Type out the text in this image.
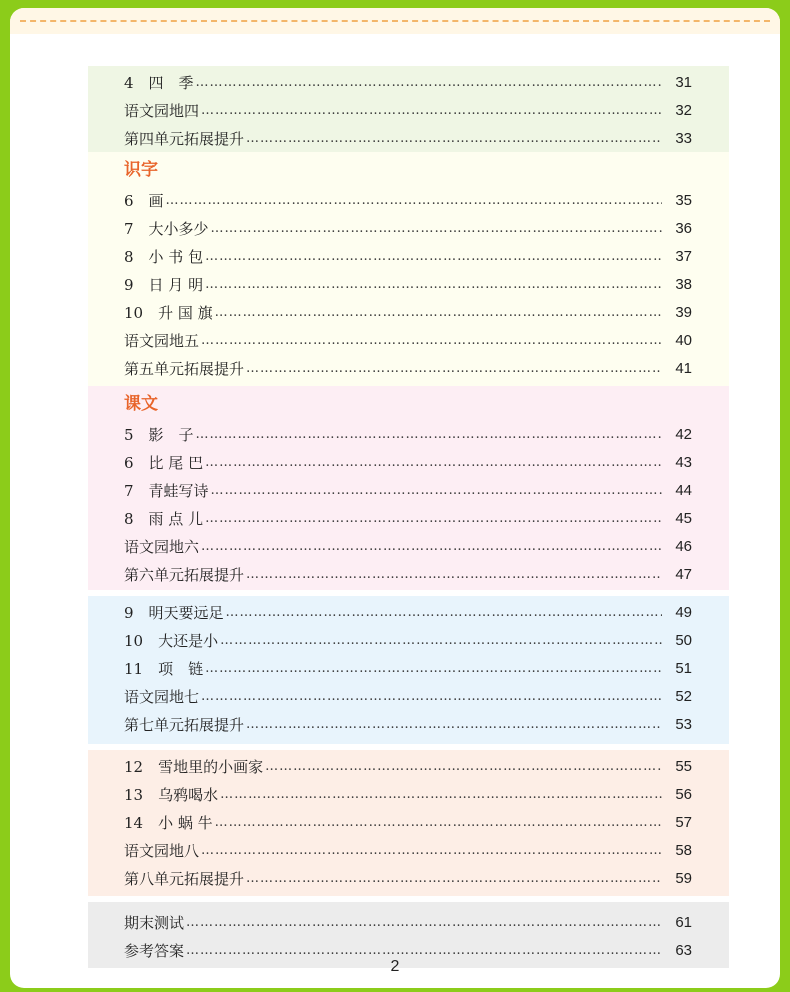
4　四　季 ……………………………………………………………………………………………………………………………	31
语文园地四 ……………………………………………………………………………………………………………………………	32
第四单元拓展提升 ……………………………………………………………………………………………………………………………	33
识字
6　画 ……………………………………………………………………………………………………………………………	35
7　大小多少 ……………………………………………………………………………………………………………………………	36
8　小 书 包 ……………………………………………………………………………………………………………………………	37
9　日 月 明 ……………………………………………………………………………………………………………………………	38
10　升 国 旗 ……………………………………………………………………………………………………………………………	39
语文园地五 ……………………………………………………………………………………………………………………………	40
第五单元拓展提升 ……………………………………………………………………………………………………………………………	41
课文
5　影　子 ……………………………………………………………………………………………………………………………	42
6　比 尾 巴 ……………………………………………………………………………………………………………………………	43
7　青蛙写诗 ……………………………………………………………………………………………………………………………	44
8　雨 点 儿 ……………………………………………………………………………………………………………………………	45
语文园地六 ……………………………………………………………………………………………………………………………	46
第六单元拓展提升 ……………………………………………………………………………………………………………………………	47
9　明天要远足 ……………………………………………………………………………………………………………………………	49
10　大还是小 ……………………………………………………………………………………………………………………………	50
11　项　链 ……………………………………………………………………………………………………………………………	51
语文园地七 ……………………………………………………………………………………………………………………………	52
第七单元拓展提升 ……………………………………………………………………………………………………………………………	53
12　雪地里的小画家 ……………………………………………………………………………………………………………………………	55
13　乌鸦喝水 ……………………………………………………………………………………………………………………………	56
14　小 蜗 牛 ……………………………………………………………………………………………………………………………	57
语文园地八 ……………………………………………………………………………………………………………………………	58
第八单元拓展提升 ……………………………………………………………………………………………………………………………	59
期末测试 ……………………………………………………………………………………………………………………………	61
参考答案 ……………………………………………………………………………………………………………………………	63
2
